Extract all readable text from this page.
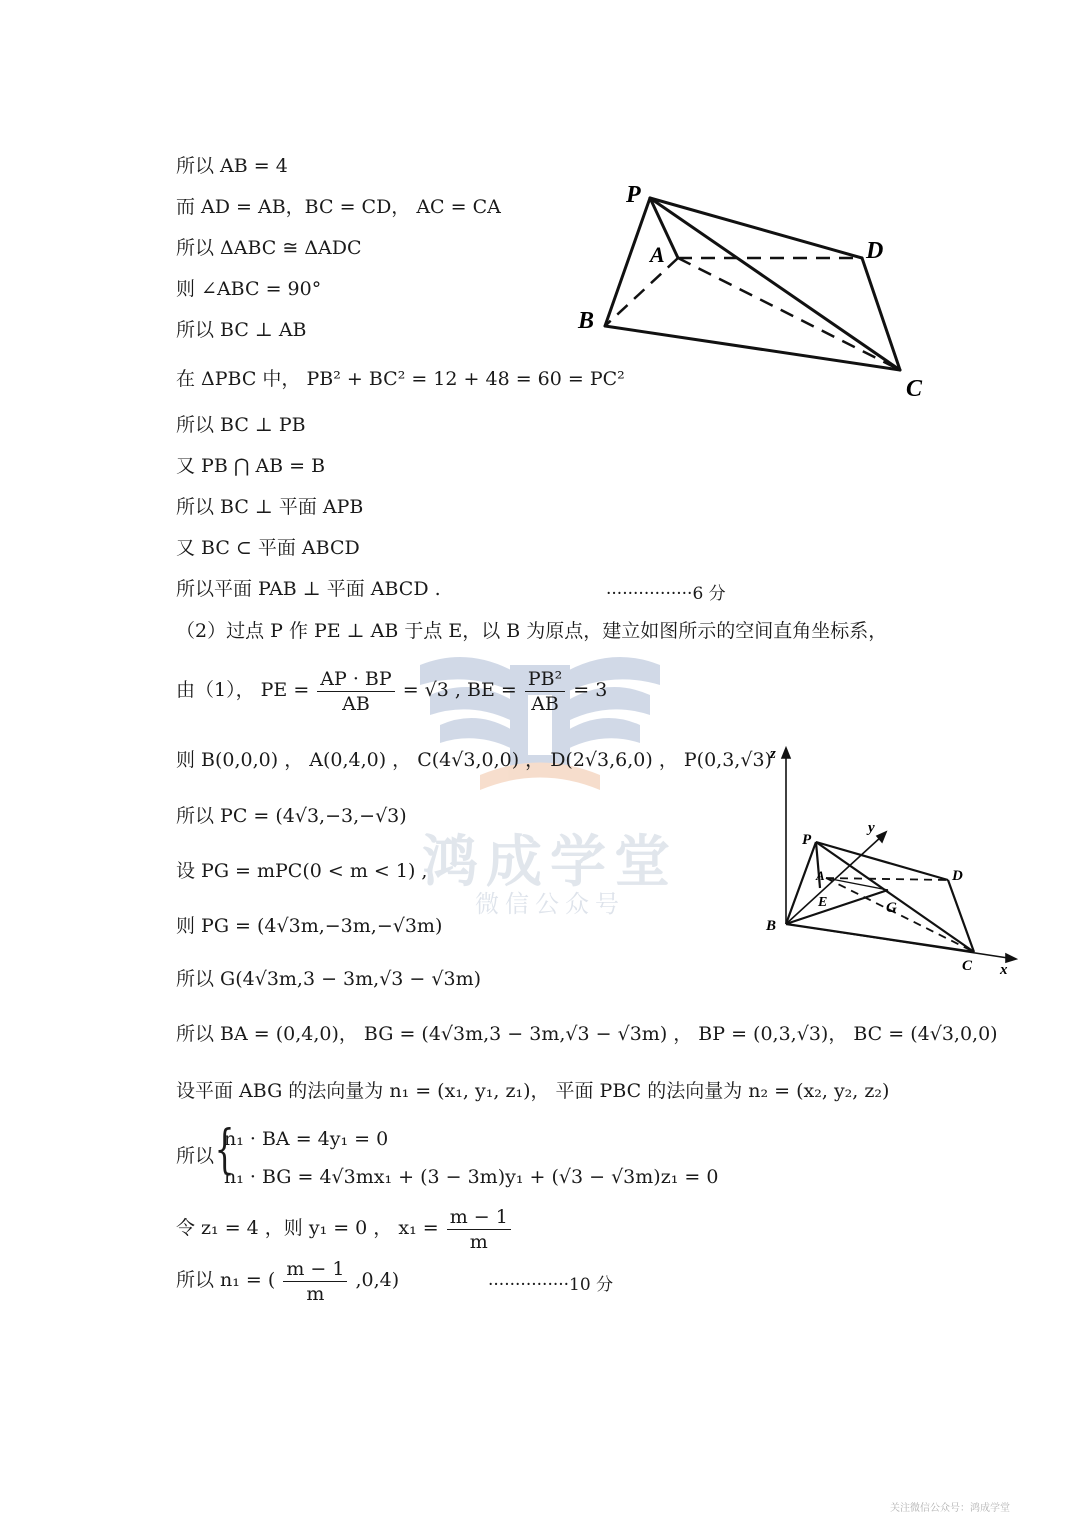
鸿成学堂
微信公众号
所以 AB = 4
而 AD = AB，BC = CD， AC = CA
所以 ΔABC ≅ ΔADC
则 ∠ABC = 90°
所以 BC ⊥ AB
在 ΔPBC 中， PB² + BC² = 12 + 48 = 60 = PC²
所以 BC ⊥ PB
又 PB ⋂ AB = B
所以 BC ⊥ 平面 APB
又 BC ⊂ 平面 ABCD
所以平面 PAB ⊥ 平面 ABCD .	················6 分
（2）过点 P 作 PE ⊥ AB 于点 E，以 B 为原点，建立如图所示的空间直角坐标系，
由（1）， PE = $\frac{AP \cdot BP}{AB} = √3$ , BE = $\frac{\text{PB²}}{AB} = 3$
则 B(0,0,0) ， A(0,4,0) ， C(4√3,0,0) ， D(2√3,6,0) ， P(0,3,√3)
所以 PC = (4√3,−3,−√3)
设 PG = mPC(0 < m < 1) ,
则 PG = (4√3m,−3m,−√3m)
所以 G(4√3m,3 − 3m,√3 − √3m)
所以 BA = (0,4,0)， BG = (4√3m,3 − 3m,√3 − √3m) ， BP = (0,3,√3)， BC = (4√3,0,0)
设平面 ABG 的法向量为 n₁ = (x₁, y₁, z₁)， 平面 PBC 的法向量为 n₂ = (x₂, y₂, z₂)
所以 {
n₁ · BA = 4y₁ = 0
n₁ · BG = 4√3mx₁ + (3 − 3m)y₁ + (√3 − √3m)z₁ = 0
令 z₁ = 4 ，则 y₁ = 0 ， $x_1 = \frac{m - 1}{m}$
所以 n₁ = ( $\frac{m - 1}{m} ,0,4$)	···············10 分
P
A	D
B
C
z
y
x
P
A	D
E	G
B
C
关注微信公众号：鸿成学堂
